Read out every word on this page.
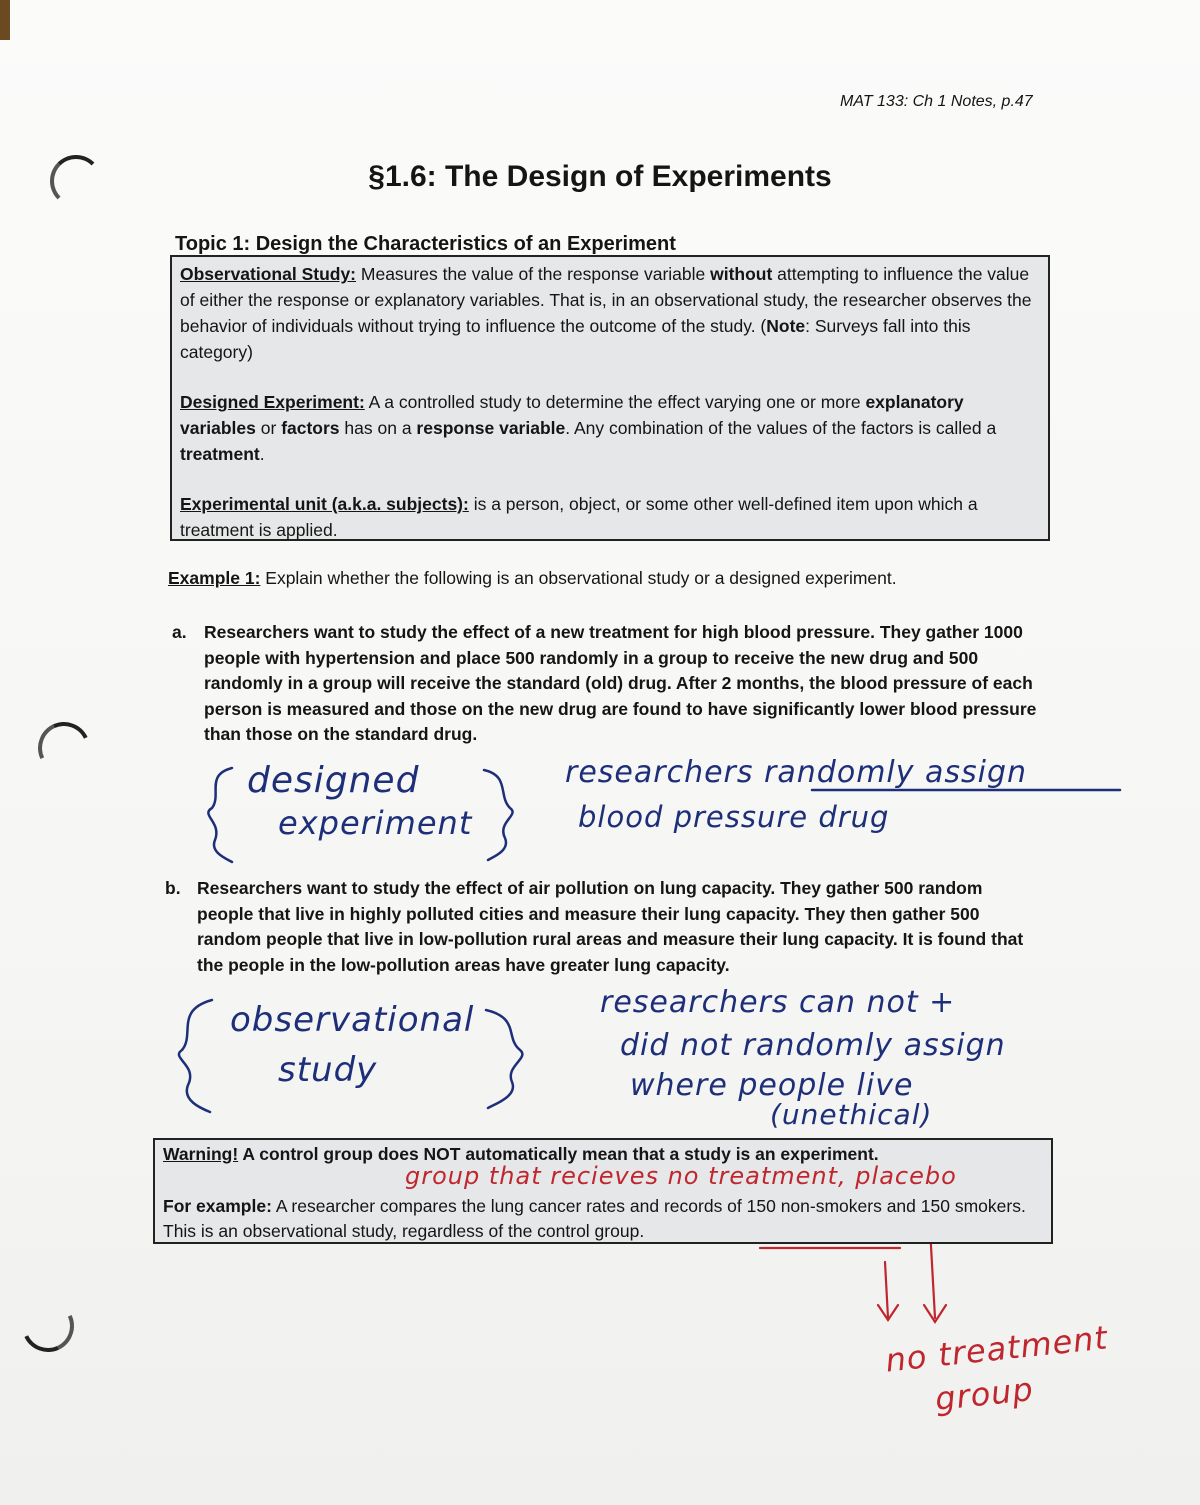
MAT 133: Ch 1 Notes, p.47
§1.6: The Design of Experiments
Topic 1: Design the Characteristics of an Experiment

Observational Study: Measures the value of the response variable without attempting to influence the value of either the response or explanatory variables. That is, in an observational study, the researcher observes the behavior of individuals without trying to influence the outcome of the study. (Note: Surveys fall into this category)

Designed Experiment: A a controlled study to determine the effect varying one or more explanatory variables or factors has on a response variable. Any combination of the values of the factors is called a treatment.

Experimental unit (a.k.a. subjects): is a person, object, or some other well-defined item upon which a treatment is applied.

Example 1: Explain whether the following is an observational study or a designed experiment.
a. Researchers want to study the effect of a new treatment for high blood pressure. They gather 1000 people with hypertension and place 500 randomly in a group to receive the new drug and 500 randomly in a group will receive the standard (old) drug. After 2 months, the blood pressure of each person is measured and those on the new drug are found to have significantly lower blood pressure than those on the standard drug.
b. Researchers want to study the effect of air pollution on lung capacity. They gather 500 random people that live in highly polluted cities and measure their lung capacity. They then gather 500 random people that live in low-pollution rural areas and measure their lung capacity. It is found that the people in the low-pollution areas have greater lung capacity.
designed
experiment
researchers randomly assign
blood pressure drug
observational
study
researchers can not +
did not randomly assign
where people live
(unethical)
Warning! A control group does NOT automatically mean that a study is an experiment.
For example: A researcher compares the lung cancer rates and records of 150 non-smokers and 150 smokers. This is an observational study, regardless of the control group.
group that recieves no treatment, placebo
no treatment
group
